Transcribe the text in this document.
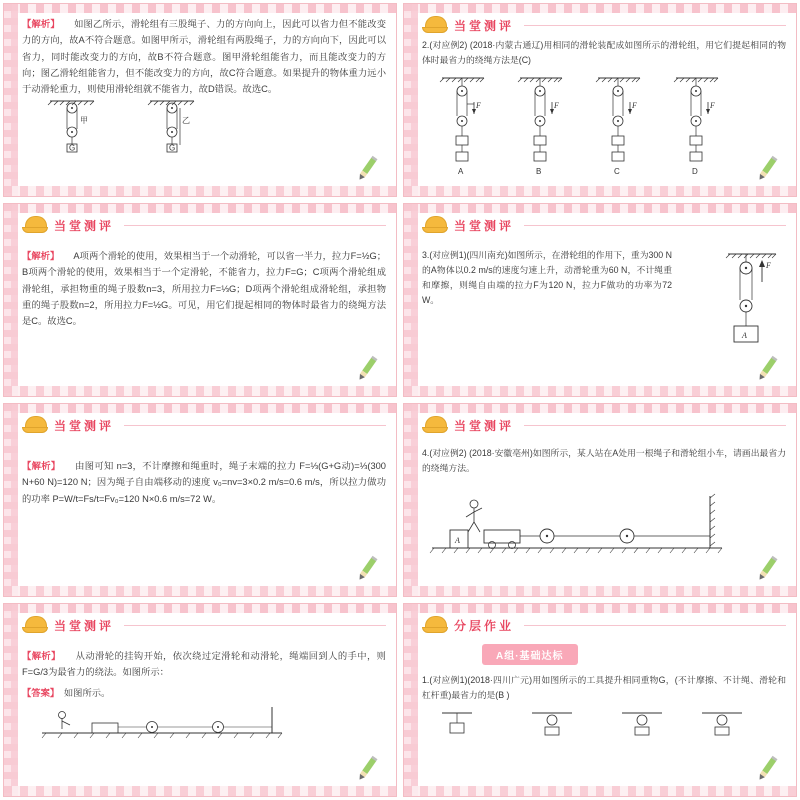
【解析】　　如图乙所示，滑轮组有三股绳子、力的方向向上，因此可以省力但不能改变力的方向，故A不符合题意。如图甲所示，滑轮组有两股绳子，力的方向向下，因此可以省力，同时能改变力的方向，故B不符合题意。图甲滑轮组能省力，而且能改变力的方向；图乙滑轮组能省力，但不能改变力的方向，故C符合题意。如果提升的物体重力远小于动滑轮重力，则使用滑轮组就不能省力，故D错误。故选C。
G
甲
G
乙
当堂测评
2.(对应例2) (2018·内蒙古通辽)用相同的滑轮装配成如图所示的滑轮组，用它们提起相同的物体时最省力的绕绳方法是(C)
F
A
F
B
F
C
F
D
当堂测评
【解析】　　A项两个滑轮的使用，效果相当于一个动滑轮，可以省一半力，拉力F=½G；B项两个滑轮的使用，效果相当于一个定滑轮，不能省力，拉力F=G；C项两个滑轮组成滑轮组，承担物重的绳子股数n=3，所用拉力F=⅓G；D项两个滑轮组成滑轮组，承担物重的绳子股数n=2，所用拉力F=½G。可见，用它们提起相同的物体时最省力的绕绳方法是C。故选C。
当堂测评
3.(对应例1)(四川南充)如图所示，在滑轮组的作用下，重为300 N的A物体以0.2 m/s的速度匀速上升，动滑轮重为60 N，不计绳重和摩擦，则绳自由端的拉力F为120 N，拉力F做功的功率为72 W。
F
A
当堂测评
【解析】　　由图可知 n=3，不计摩擦和绳重时，绳子末端的拉力 F=⅓(G+G动)=⅓(300 N+60 N)=120 N；因为绳子自由端移动的速度 v₀=nv=3×0.2 m/s=0.6 m/s，所以拉力做功的功率 P=W/t=Fs/t=Fv₀=120 N×0.6 m/s=72 W。
当堂测评
4.(对应例2) (2018·安徽亳州)如图所示，某人站在A处用一根绳子和滑轮组小车，请画出最省力的绕绳方法。
A
当堂测评
【解析】　　从动滑轮的挂钩开始，依次绕过定滑轮和动滑轮，绳端回到人的手中，则F=G/3为最省力的绕法。如图所示：
【答案】　如图所示。
分层作业
A组·基础达标
1.(对应例1)(2018·四川广元)用如图所示的工具提升相同重物G，(不计摩擦、不计绳、滑轮和杠杆重)最省力的是(B )
